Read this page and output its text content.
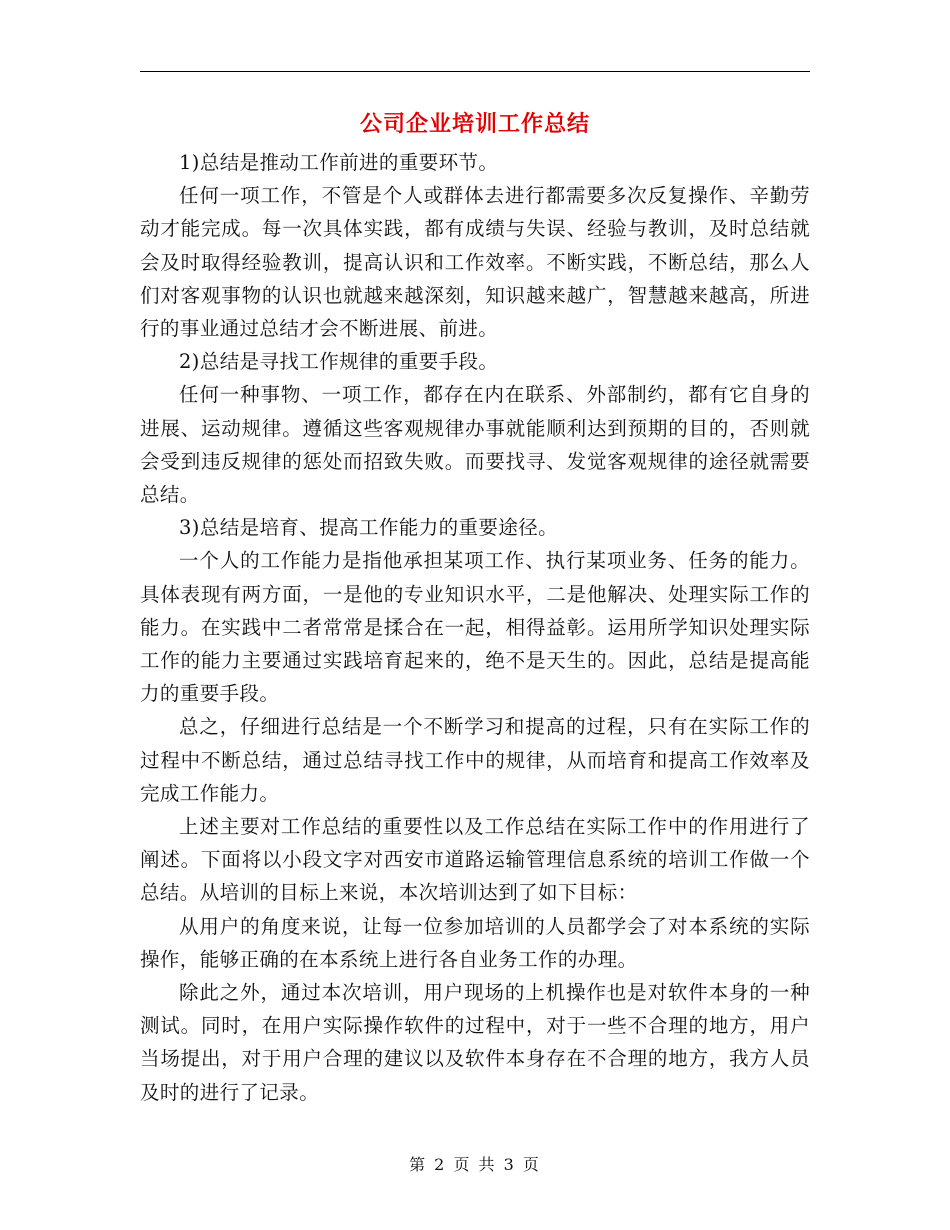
公司企业培训工作总结

1)总结是推动工作前进的重要环节。

任何一项工作，不管是个人或群体去进行都需要多次反复操作、辛勤劳动才能完成。每一次具体实践，都有成绩与失误、经验与教训，及时总结就会及时取得经验教训，提高认识和工作效率。不断实践，不断总结，那么人们对客观事物的认识也就越来越深刻，知识越来越广，智慧越来越高，所进行的事业通过总结才会不断进展、前进。

2)总结是寻找工作规律的重要手段。

任何一种事物、一项工作，都存在内在联系、外部制约，都有它自身的进展、运动规律。遵循这些客观规律办事就能顺利达到预期的目的，否则就会受到违反规律的惩处而招致失败。而要找寻、发觉客观规律的途径就需要总结。

3)总结是培育、提高工作能力的重要途径。

一个人的工作能力是指他承担某项工作、执行某项业务、任务的能力。具体表现有两方面，一是他的专业知识水平，二是他解决、处理实际工作的能力。在实践中二者常常是揉合在一起，相得益彰。运用所学知识处理实际工作的能力主要通过实践培育起来的，绝不是天生的。因此，总结是提高能力的重要手段。

总之，仔细进行总结是一个不断学习和提高的过程，只有在实际工作的过程中不断总结，通过总结寻找工作中的规律，从而培育和提高工作效率及完成工作能力。

上述主要对工作总结的重要性以及工作总结在实际工作中的作用进行了阐述。下面将以小段文字对西安市道路运输管理信息系统的培训工作做一个总结。从培训的目标上来说，本次培训达到了如下目标：

从用户的角度来说，让每一位参加培训的人员都学会了对本系统的实际操作，能够正确的在本系统上进行各自业务工作的办理。

除此之外，通过本次培训，用户现场的上机操作也是对软件本身的一种测试。同时，在用户实际操作软件的过程中，对于一些不合理的地方，用户当场提出，对于用户合理的建议以及软件本身存在不合理的地方，我方人员及时的进行了记录。

第 2 页 共 3 页
